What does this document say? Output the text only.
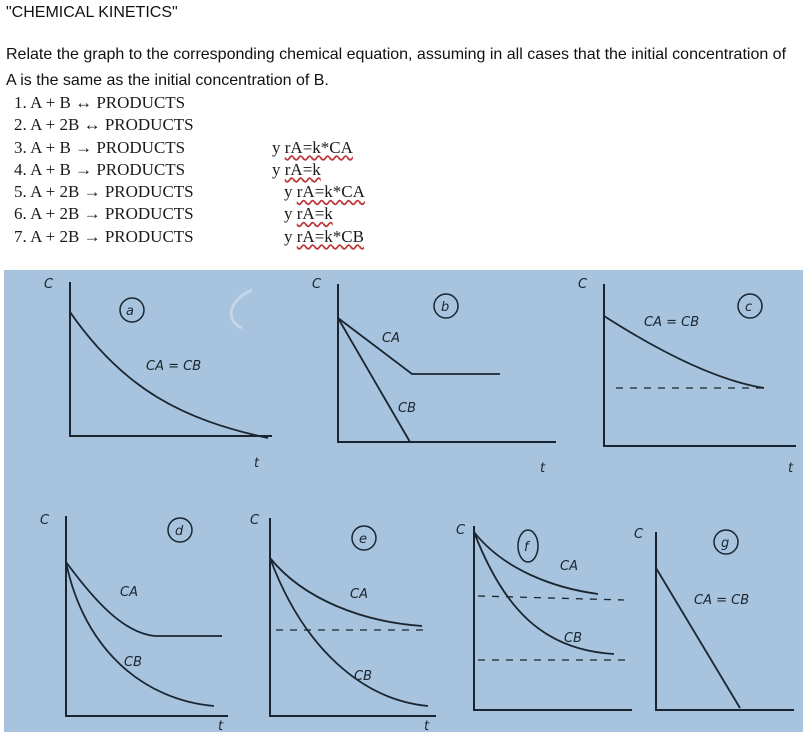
"CHEMICAL KINETICS"
Relate the graph to the corresponding chemical equation, assuming in all cases that the initial concentration of A is the same as the initial concentration of B.
1. A + B ↔ PRODUCTS
2. A + 2B ↔ PRODUCTS
3. A + B → PRODUCTS	y rA=k*CA
4. A + B → PRODUCTS	y rA=k
5. A + 2B → PRODUCTS	y rA=k*CA
6. A + 2B → PRODUCTS	y rA=k
7. A + 2B → PRODUCTS	y rA=k*CB
C
a
CA = CB
t
C
b
CA
CB
t
C
c
CA = CB
t
C
d
CA
CB
t
C
e
CA
CB
t
C
f
CA
CB
C
g
CA = CB
